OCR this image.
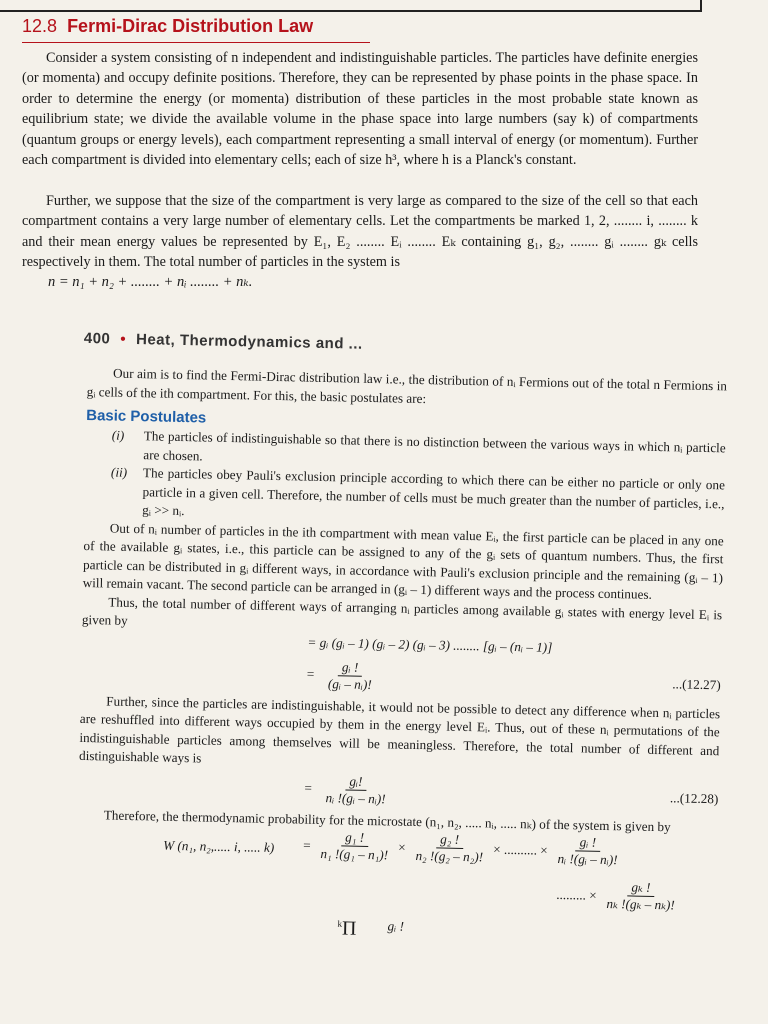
12.8 Fermi-Dirac Distribution Law

Consider a system consisting of n independent and indistinguishable particles. The particles have definite energies (or momenta) and occupy definite positions. Therefore, they can be represented by phase points in the phase space. In order to determine the energy (or momenta) distribution of these particles in the most probable state known as equilibrium state; we divide the available volume in the phase space into large numbers (say k) of compartments (quantum groups or energy levels), each compartment representing a small interval of energy (or momentum). Further each compartment is divided into elementary cells; each of size h³, where h is a Planck's constant.

Further, we suppose that the size of the compartment is very large as compared to the size of the cell so that each compartment contains a very large number of elementary cells. Let the compartments be marked 1, 2, ........ i, ........ k and their mean energy values be represented by E₁, E₂ ........ Eᵢ ........ Eₖ containing g₁, g₂, ........ gᵢ ........ gₖ cells respectively in them. The total number of particles in the system is

n = n₁ + n₂ + ........ + nᵢ ........ + nₖ.

400 • Heat, Thermodynamics and ...

Our aim is to find the Fermi-Dirac distribution law i.e., the distribution of nᵢ Fermions out of the total n Fermions in gᵢ cells of the ith compartment. For this, the basic postulates are:

Basic Postulates

(i) The particles of indistinguishable so that there is no distinction between the various ways in which nᵢ particle are chosen.

(ii) The particles obey Pauli's exclusion principle according to which there can be either no particle or only one particle in a given cell. Therefore, the number of cells must be much greater than the number of particles, i.e., gᵢ >> nᵢ.

Out of nᵢ number of particles in the ith compartment with mean value Eᵢ, the first particle can be placed in any one of the available gᵢ states, i.e., this particle can be assigned to any of the gᵢ sets of quantum numbers. Thus, the first particle can be distributed in gᵢ different ways, in accordance with Pauli's exclusion principle and the remaining (gᵢ – 1) will remain vacant. The second particle can be arranged in (gᵢ – 1) different ways and the process continues.

Thus, the total number of different ways of arranging nᵢ particles among available gᵢ states with energy level Eᵢ is given by

= gᵢ (gᵢ – 1) (gᵢ – 2) (gᵢ – 3) ........ [gᵢ – (nᵢ – 1)]
= $\frac{\text{gᵢ !}}{\text{(gᵢ – nᵢ)!}}$	...(12.27)

Further, since the particles are indistinguishable, it would not be possible to detect any difference when nᵢ particles are reshuffled into different ways occupied by them in the energy level Eᵢ. Thus, out of these nᵢ permutations of the indistinguishable particles among themselves will be meaningless. Therefore, the total number of different and distinguishable ways is

= $\frac{\text{gᵢ!}}{\text{nᵢ !(gᵢ – nᵢ)!}}$	...(12.28)

Therefore, the thermodynamic probability for the microstate (n₁, n₂, ..... nᵢ, ..... nₖ) of the system is given by

W (n₁, n₂,..... i, ..... $k) = \frac{\text{g₁ !}}{\text{n₁ !(g₁ – n₁)!}} \times \frac{\text{g₂ !}}{\text{n₂ !(g₂ – n₂)!}}$ × .......... × $\frac{\text{gᵢ !}}{\text{nᵢ !(gᵢ – nᵢ)!}}$
......... × $\frac{\text{gₖ !}}{\text{nₖ !(gₖ – nₖ)!}}$
$^k$Π gᵢ !
